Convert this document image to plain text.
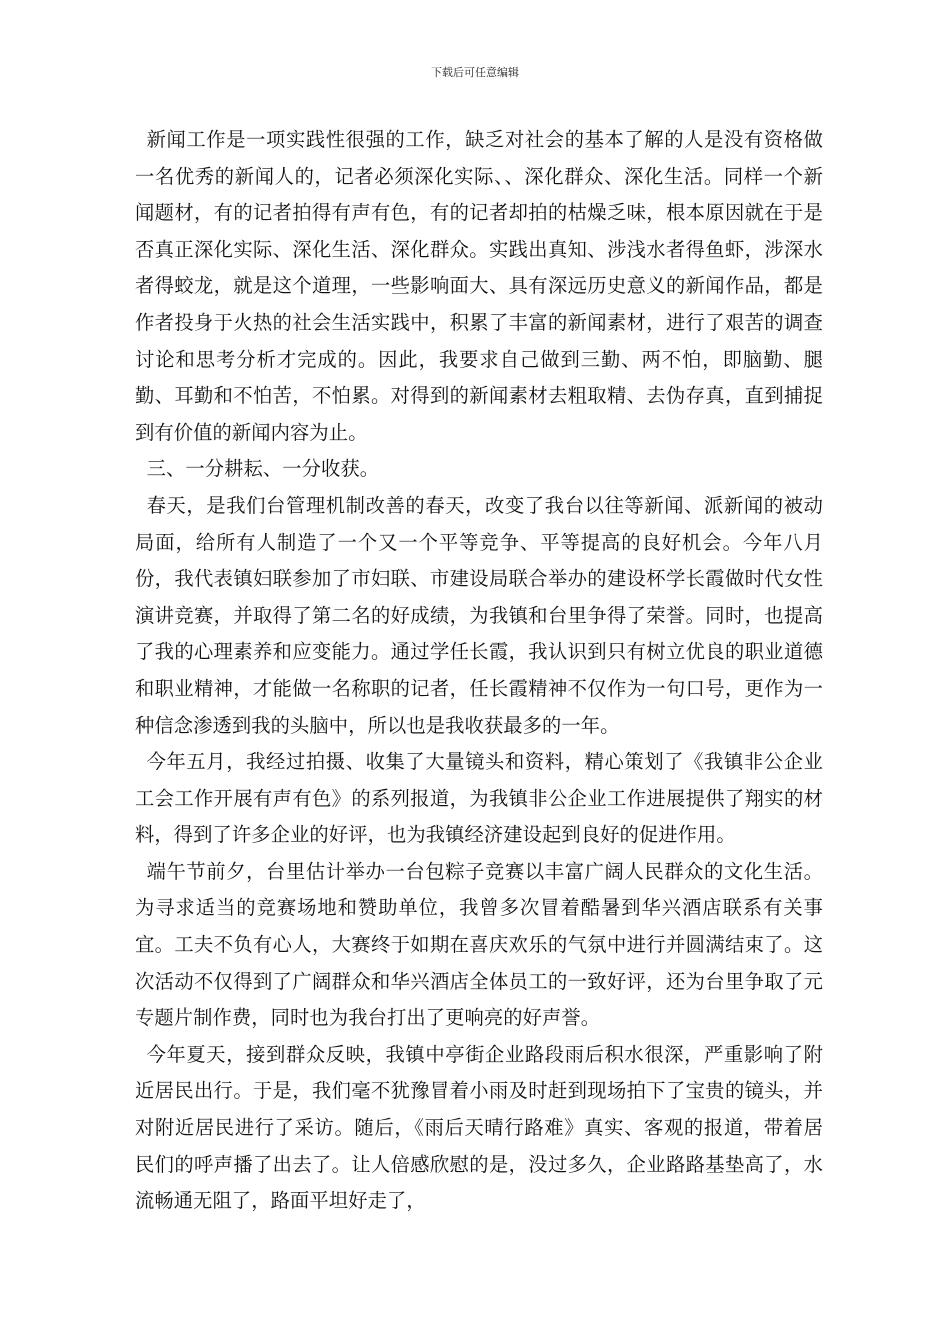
下载后可任意编辑

新闻工作是一项实践性很强的工作，缺乏对社会的基本了解的人是没有资格做一名优秀的新闻人的，记者必须深化实际、、深化群众、深化生活。同样一个新闻题材，有的记者拍得有声有色，有的记者却拍的枯燥乏味，根本原因就在于是否真正深化实际、深化生活、深化群众。实践出真知、涉浅水者得鱼虾，涉深水者得蛟龙，就是这个道理，一些影响面大、具有深远历史意义的新闻作品，都是作者投身于火热的社会生活实践中，积累了丰富的新闻素材，进行了艰苦的调查讨论和思考分析才完成的。因此，我要求自己做到三勤、两不怕，即脑勤、腿勤、耳勤和不怕苦，不怕累。对得到的新闻素材去粗取精、去伪存真，直到捕捉到有价值的新闻内容为止。

三、一分耕耘、一分收获。

春天，是我们台管理机制改善的春天，改变了我台以往等新闻、派新闻的被动局面，给所有人制造了一个又一个平等竞争、平等提高的良好机会。今年八月份，我代表镇妇联参加了市妇联、市建设局联合举办的建设杯学长霞做时代女性演讲竞赛，并取得了第二名的好成绩，为我镇和台里争得了荣誉。同时，也提高了我的心理素养和应变能力。通过学任长霞，我认识到只有树立优良的职业道德和职业精神，才能做一名称职的记者，任长霞精神不仅作为一句口号，更作为一种信念渗透到我的头脑中，所以也是我收获最多的一年。

今年五月，我经过拍摄、收集了大量镜头和资料，精心策划了《我镇非公企业工会工作开展有声有色》的系列报道，为我镇非公企业工作进展提供了翔实的材料，得到了许多企业的好评，也为我镇经济建设起到良好的促进作用。

端午节前夕，台里估计举办一台包粽子竞赛以丰富广阔人民群众的文化生活。为寻求适当的竞赛场地和赞助单位，我曾多次冒着酷暑到华兴酒店联系有关事宜。工夫不负有心人，大赛终于如期在喜庆欢乐的气氛中进行并圆满结束了。这次活动不仅得到了广阔群众和华兴酒店全体员工的一致好评，还为台里争取了元专题片制作费，同时也为我台打出了更响亮的好声誉。

今年夏天，接到群众反映，我镇中亭街企业路段雨后积水很深，严重影响了附近居民出行。于是，我们毫不犹豫冒着小雨及时赶到现场拍下了宝贵的镜头，并对附近居民进行了采访。随后，《雨后天晴行路难》真实、客观的报道，带着居民们的呼声播了出去了。让人倍感欣慰的是，没过多久，企业路路基垫高了，水流畅通无阻了，路面平坦好走了，
